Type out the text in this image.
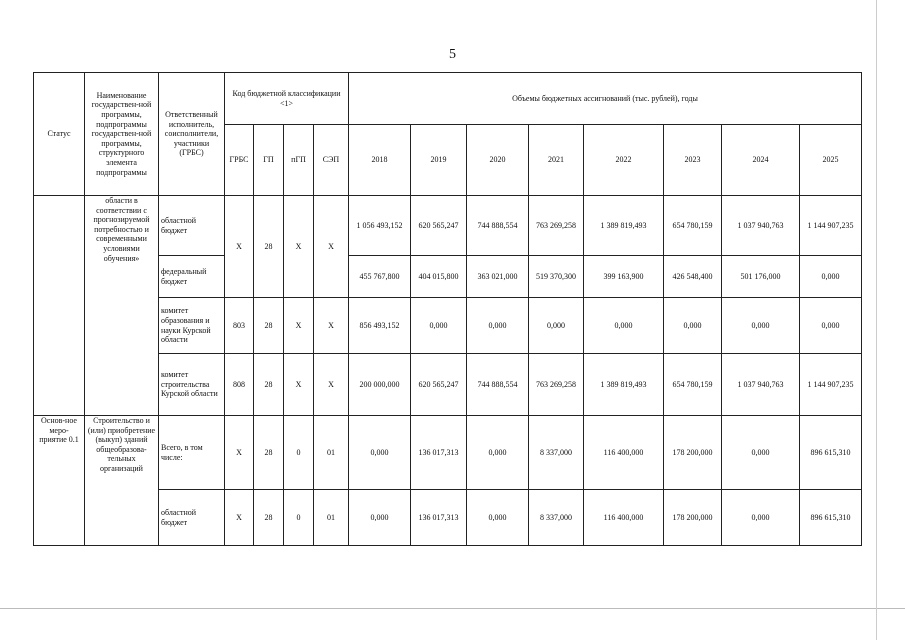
5
Статус	Наименование государствен-ной программы, подпрограммы государствен-ной программы, структурного элемента подпрограммы	Ответственный исполнитель, соисполнители, участники (ГРБС)	Код бюджетной классификации <1>				Объемы бюджетных ассигнований (тыс. рублей), годы							
			ГРБС	ГП	пГП	СЭП	2018	2019	2020	2021	2022	2023	2024	2025
	области в соответствии с прогнозируемой потребностью и современными условиями обучения»	областной бюджет	X	28	X	X	1 056 493,152	620 565,247	744 888,554	763 269,258	1 389 819,493	654 780,159	1 037 940,763	1 144 907,235
		федеральный бюджет					455 767,800	404 015,800	363 021,000	519 370,300	399 163,900	426 548,400	501 176,000	0,000
		комитет образования и науки Курской области	803	28	X	X	856 493,152	0,000	0,000	0,000	0,000	0,000	0,000	0,000
		комитет строительства Курской области	808	28	X	X	200 000,000	620 565,247	744 888,554	763 269,258	1 389 819,493	654 780,159	1 037 940,763	1 144 907,235
Основ-ное меро-приятие 0.1	Строительство и (или) приобретение (выкуп) зданий общеобразова-тельных организаций	Всего, в том числе:	X	28	0	01	0,000	136 017,313	0,000	8 337,000	116 400,000	178 200,000	0,000	896 615,310
		областной бюджет	X	28	0	01	0,000	136 017,313	0,000	8 337,000	116 400,000	178 200,000	0,000	896 615,310
